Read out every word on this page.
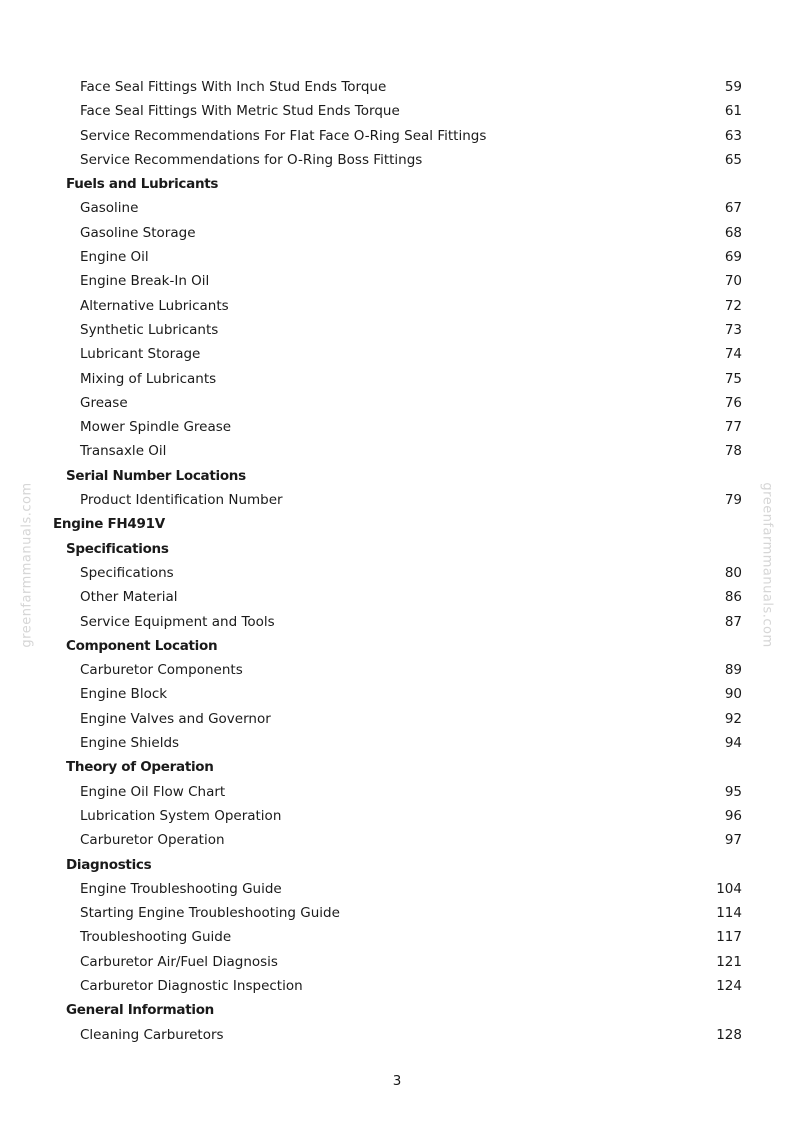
greenfarmmanuals.com	greenfarmmanuals.com
Face Seal Fittings With Inch Stud Ends Torque	59
Face Seal Fittings With Metric Stud Ends Torque	61
Service Recommendations For Flat Face O-Ring Seal Fittings	63
Service Recommendations for O-Ring Boss Fittings	65
Fuels and Lubricants
Gasoline	67
Gasoline Storage	68
Engine Oil	69
Engine Break-In Oil	70
Alternative Lubricants	72
Synthetic Lubricants	73
Lubricant Storage	74
Mixing of Lubricants	75
Grease	76
Mower Spindle Grease	77
Transaxle Oil	78
Serial Number Locations
Product Identification Number	79
Engine FH491V
Specifications
Specifications	80
Other Material	86
Service Equipment and Tools	87
Component Location
Carburetor Components	89
Engine Block	90
Engine Valves and Governor	92
Engine Shields	94
Theory of Operation
Engine Oil Flow Chart	95
Lubrication System Operation	96
Carburetor Operation	97
Diagnostics
Engine Troubleshooting Guide	104
Starting Engine Troubleshooting Guide	114
Troubleshooting Guide	117
Carburetor Air/Fuel Diagnosis	121
Carburetor Diagnostic Inspection	124
General Information
Cleaning Carburetors	128
3
